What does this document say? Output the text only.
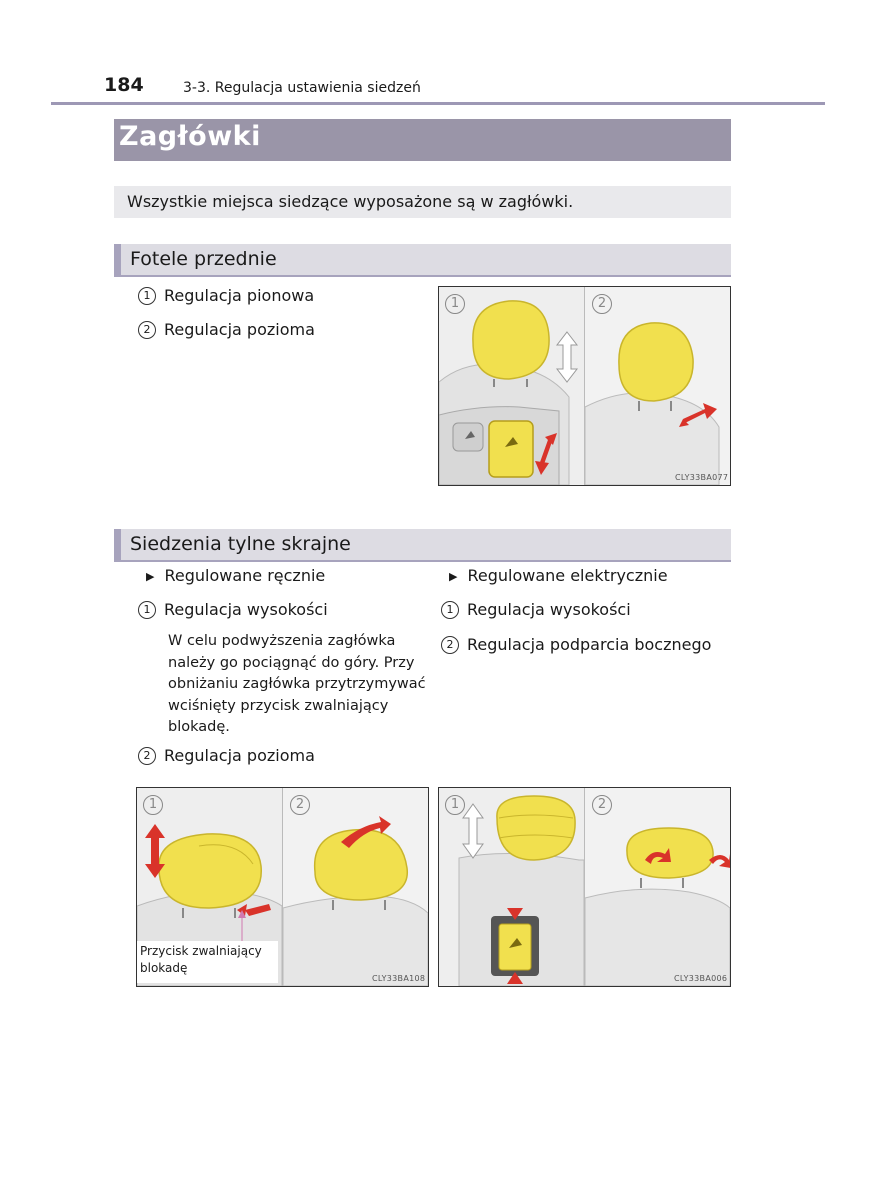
184	3-3. Regulacja ustawienia siedzeń
Zagłówki
Wszystkie miejsca siedzące wyposażone są w zagłówki.
Fotele przednie
1 Regulacja pionowa
2 Regulacja pozioma
1	2
CLY33BA077
Siedzenia tylne skrajne
▶ Regulowane ręcznie
1 Regulacja wysokości
W celu podwyższenia zagłówka należy go pociągnąć do góry. Przy obniżaniu zagłówka przytrzymywać wciśnięty przycisk zwalniający blokadę.
2 Regulacja pozioma
▶ Regulowane elektrycznie
1 Regulacja wysokości
2 Regulacja podparcia bocznego
1	2
CLY33BA108
Przycisk zwalniający blokadę
1	2
CLY33BA006
